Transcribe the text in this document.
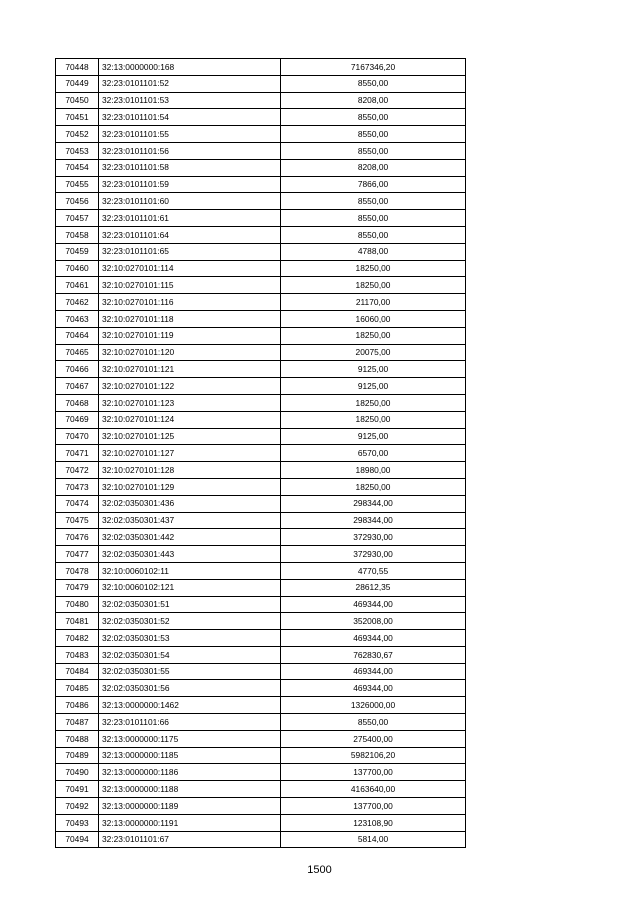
70448	32:13:0000000:168	7167346,20
70449	32:23:0101101:52	8550,00
70450	32:23:0101101:53	8208,00
70451	32:23:0101101:54	8550,00
70452	32:23:0101101:55	8550,00
70453	32:23:0101101:56	8550,00
70454	32:23:0101101:58	8208,00
70455	32:23:0101101:59	7866,00
70456	32:23:0101101:60	8550,00
70457	32:23:0101101:61	8550,00
70458	32:23:0101101:64	8550,00
70459	32:23:0101101:65	4788,00
70460	32:10:0270101:114	18250,00
70461	32:10:0270101:115	18250,00
70462	32:10:0270101:116	21170,00
70463	32:10:0270101:118	16060,00
70464	32:10:0270101:119	18250,00
70465	32:10:0270101:120	20075,00
70466	32:10:0270101:121	9125,00
70467	32:10:0270101:122	9125,00
70468	32:10:0270101:123	18250,00
70469	32:10:0270101:124	18250,00
70470	32:10:0270101:125	9125,00
70471	32:10:0270101:127	6570,00
70472	32:10:0270101:128	18980,00
70473	32:10:0270101:129	18250,00
70474	32:02:0350301:436	298344,00
70475	32:02:0350301:437	298344,00
70476	32:02:0350301:442	372930,00
70477	32:02:0350301:443	372930,00
70478	32:10:0060102:11	4770,55
70479	32:10:0060102:121	28612,35
70480	32:02:0350301:51	469344,00
70481	32:02:0350301:52	352008,00
70482	32:02:0350301:53	469344,00
70483	32:02:0350301:54	762830,67
70484	32:02:0350301:55	469344,00
70485	32:02:0350301:56	469344,00
70486	32:13:0000000:1462	1326000,00
70487	32:23:0101101:66	8550,00
70488	32:13:0000000:1175	275400,00
70489	32:13:0000000:1185	5982106,20
70490	32:13:0000000:1186	137700,00
70491	32:13:0000000:1188	4163640,00
70492	32:13:0000000:1189	137700,00
70493	32:13:0000000:1191	123108,90
70494	32:23:0101101:67	5814,00
1500
